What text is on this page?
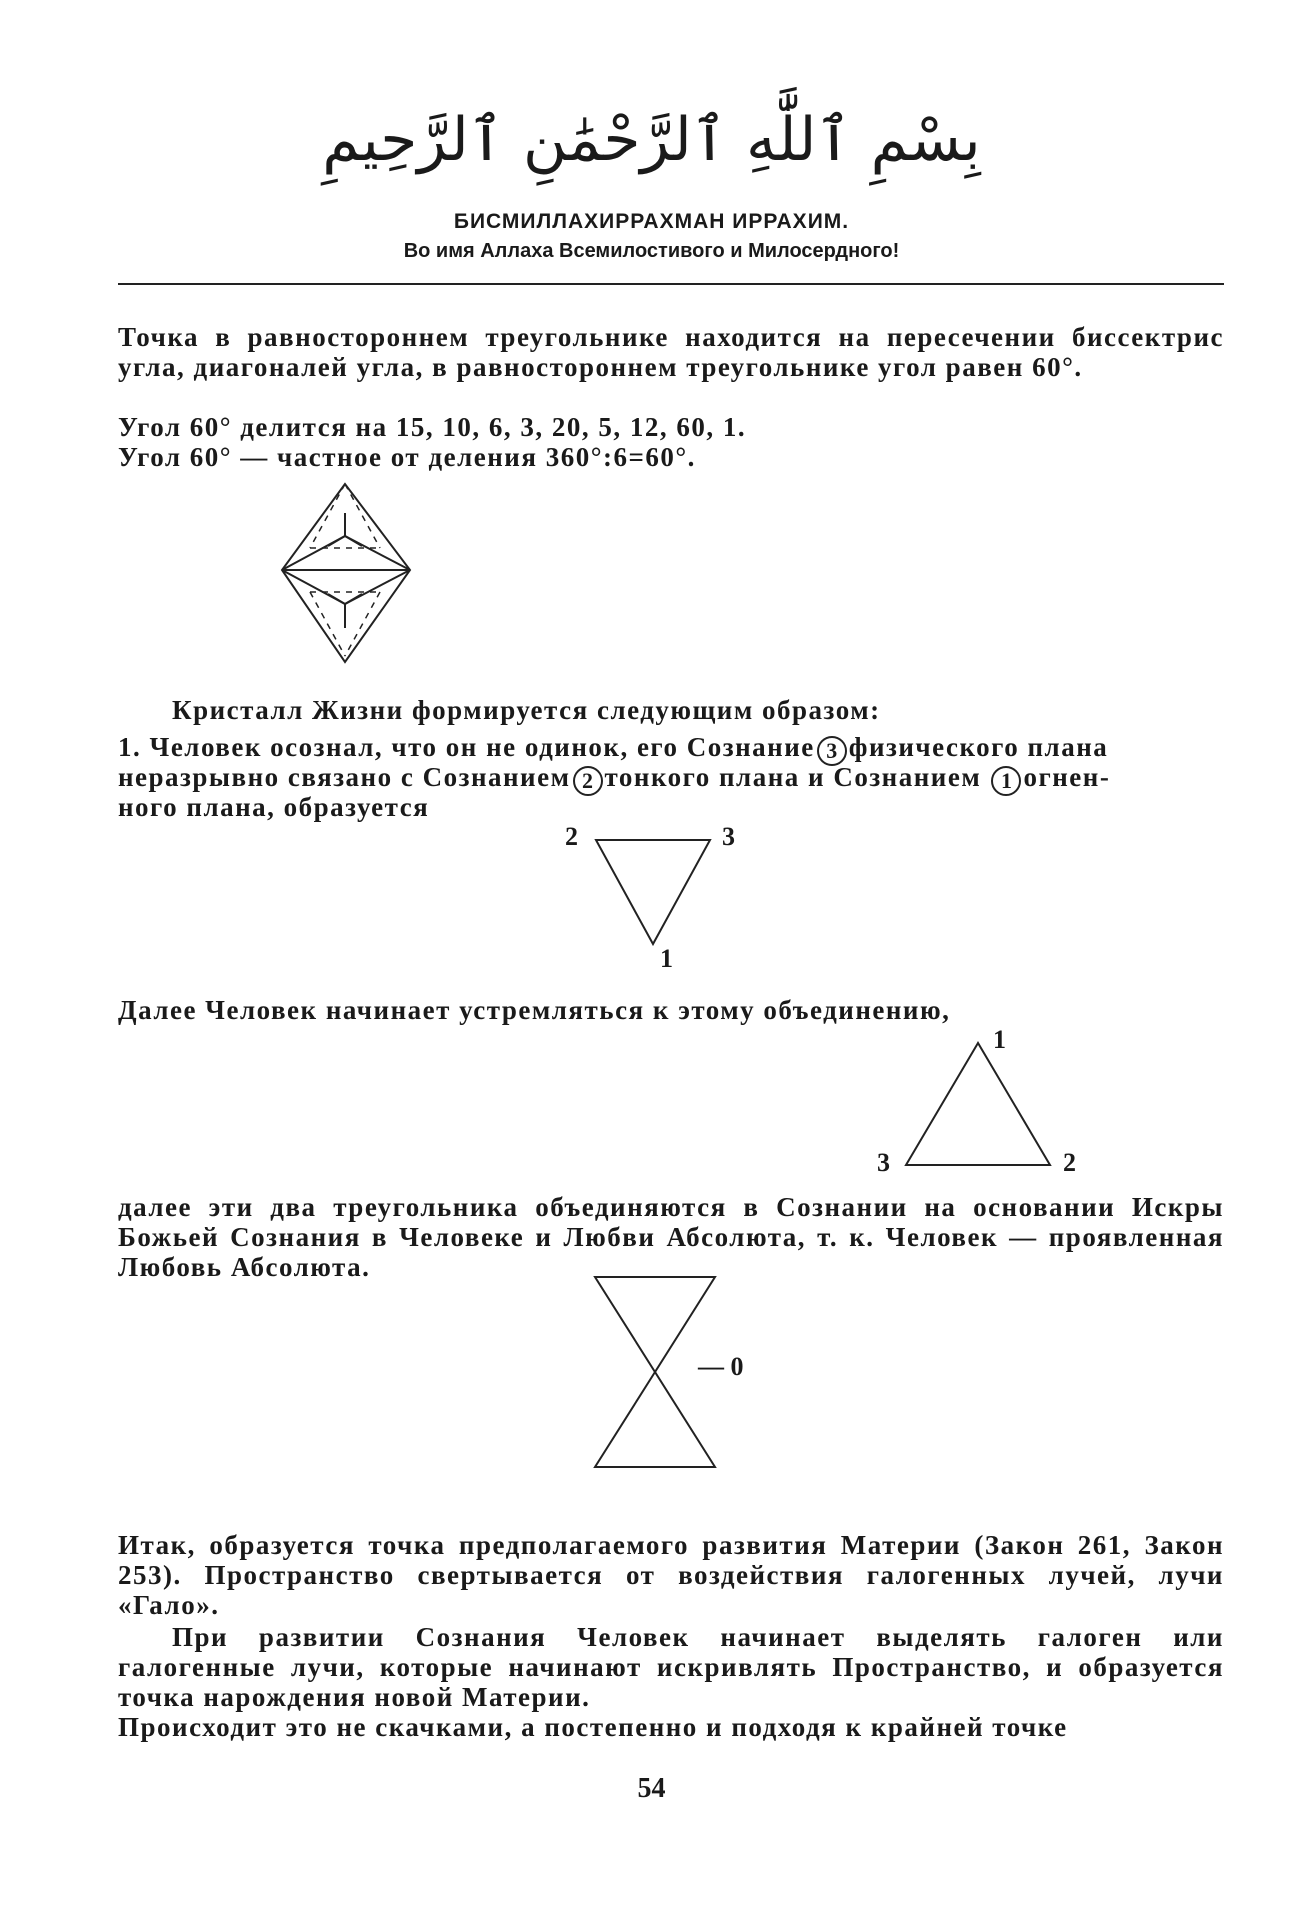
بِسْمِ ٱللَّٰهِ ٱلرَّحْمَٰنِ ٱلرَّحِيمِ
БИСМИЛЛАХИРРАХМАН ИРРАХИМ.
Во имя Аллаха Всемилостивого и Милосердного!
Точка в равностороннем треугольнике находится на пересечении биссектрис угла, диагоналей угла, в равностороннем треугольнике угол равен 60°.
Угол 60° делится на 15, 10, 6, 3, 20, 5, 12, 60, 1.
Угол 60° — частное от деления 360°:6=60°.
Кристалл Жизни формируется следующим образом:
1. Человек осознал, что он не одинок, его Сознание 3 физического плана
неразрывно связано с Сознанием 2 тонкого плана и Сознанием 1 огнен-
ного плана, образуется
2	3
1
Далее Человек начинает устремляться к этому объединению,
1
3	2
далее эти два треугольника объединяются в Сознании на основании Искры Божьей Сознания в Человеке и Любви Абсолюта, т. к. Человек — проявленная Любовь Абсолюта.
— 0
Итак, образуется точка предполагаемого развития Материи (Закон 261, Закон 253). Пространство свертывается от воздействия галогенных лучей, лучи «Гало».
При развитии Сознания Человек начинает выделять галоген или галогенные лучи, которые начинают искривлять Пространство, и образуется точка нарождения новой Материи.
Происходит это не скачками, а постепенно и подходя к крайней точке
54
